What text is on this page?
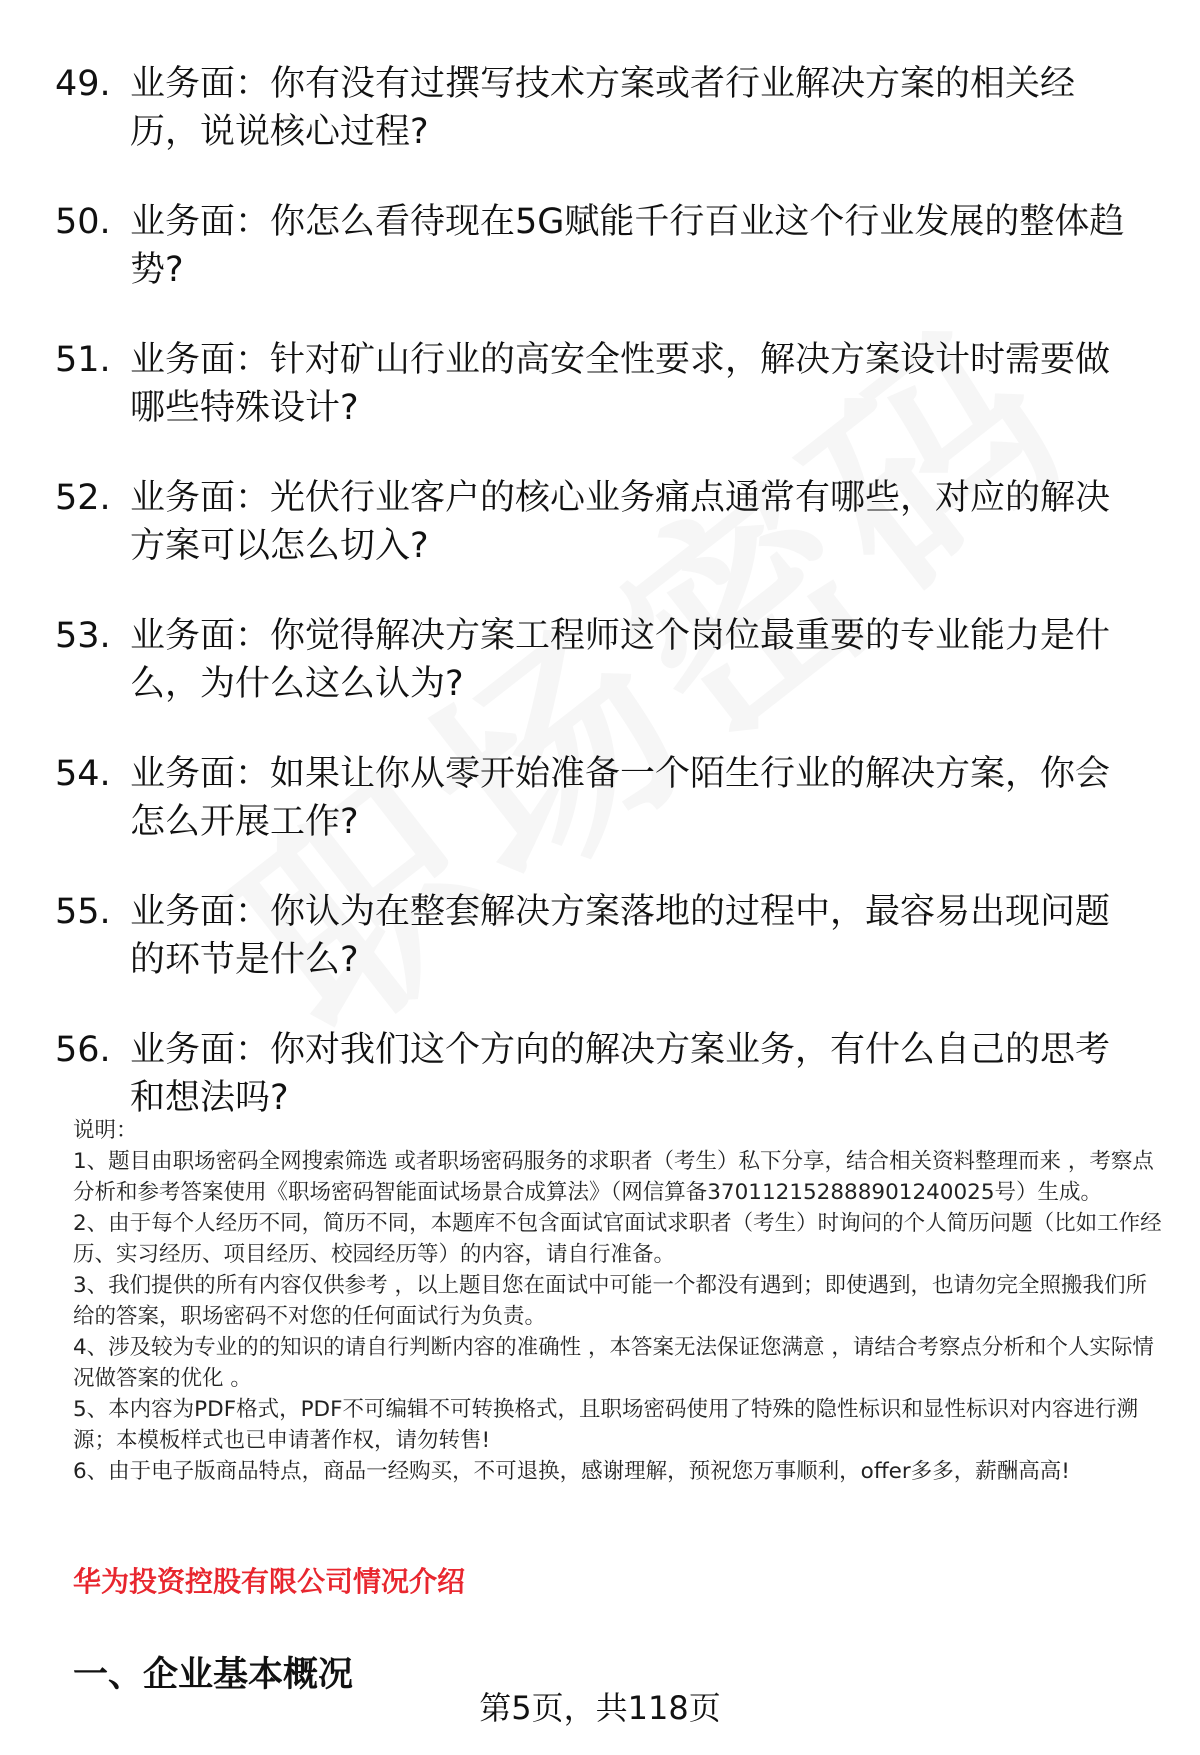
49. 业务面：你有没有过撰写技术方案或者行业解决方案的相关经历，说说核心过程?
50. 业务面：你怎么看待现在5G赋能千行百业这个行业发展的整体趋势?
51. 业务面：针对矿山行业的高安全性要求，解决方案设计时需要做哪些特殊设计?
52. 业务面：光伏行业客户的核心业务痛点通常有哪些，对应的解决方案可以怎么切入?
53. 业务面：你觉得解决方案工程师这个岗位最重要的专业能力是什么，为什么这么认为?
54. 业务面：如果让你从零开始准备一个陌生行业的解决方案，你会怎么开展工作?
55. 业务面：你认为在整套解决方案落地的过程中，最容易出现问题的环节是什么?
56. 业务面：你对我们这个方向的解决方案业务，有什么自己的思考和想法吗?

说明：

1、题目由职场密码全网搜索筛选 或者职场密码服务的求职者（考生）私下分享，结合相关资料整理而来 ，考察点分析和参考答案使用《职场密码智能面试场景合成算法》（网信算备370112152888901240025号）生成。

2、由于每个人经历不同，简历不同，本题库不包含面试官面试求职者（考生）时询问的个人简历问题（比如工作经历、实习经历、项目经历、校园经历等）的内容，请自行准备。

3、我们提供的所有内容仅供参考 ，以上题目您在面试中可能一个都没有遇到；即使遇到，也请勿完全照搬我们所给的答案，职场密码不对您的任何面试行为负责。

4、涉及较为专业的的知识的请自行判断内容的准确性 ，本答案无法保证您满意 ，请结合考察点分析和个人实际情况做答案的优化 。

5、本内容为PDF格式，PDF不可编辑不可转换格式，且职场密码使用了特殊的隐性标识和显性标识对内容进行溯源；本模板样式也已申请著作权，请勿转售!

6、由于电子版商品特点，商品一经购买，不可退换，感谢理解，预祝您万事顺利，offer多多，薪酬高高!

华为投资控股有限公司情况介绍
一、企业基本概况
第5页，共118页
